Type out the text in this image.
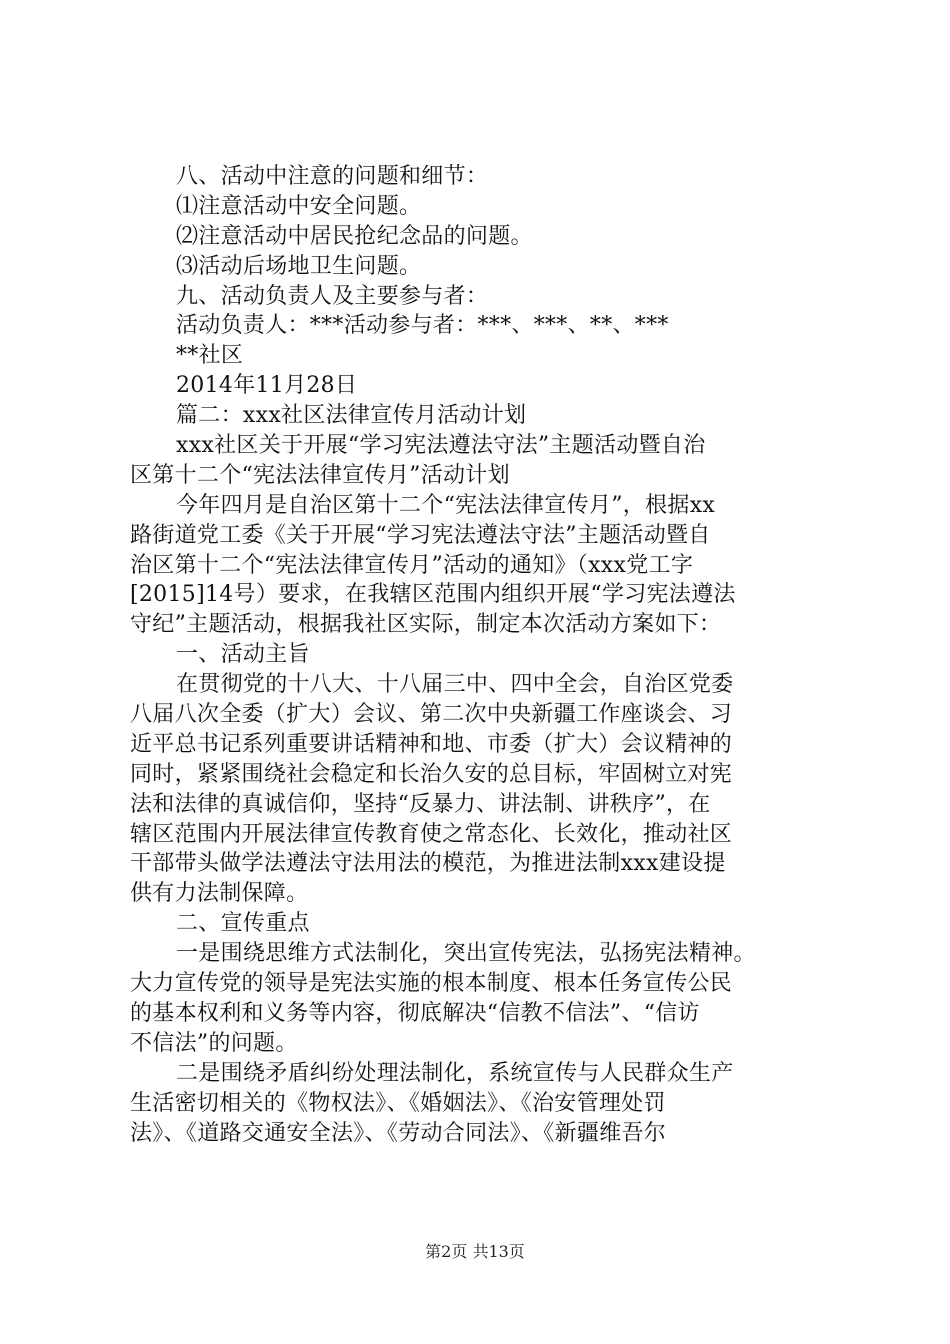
八、活动中注意的问题和细节：
⑴注意活动中安全问题。
⑵注意活动中居民抢纪念品的问题。
⑶活动后场地卫生问题。
九、活动负责人及主要参与者：
活动负责人：***活动参与者：***、***、**、***
**社区
2014年11月28日
篇二：xxx社区法律宣传月活动计划
xxx社区关于开展“学习宪法遵法守法”主题活动暨自治
区第十二个“宪法法律宣传月”活动计划
今年四月是自治区第十二个“宪法法律宣传月”，根据xx
路街道党工委《关于开展“学习宪法遵法守法”主题活动暨自
治区第十二个“宪法法律宣传月”活动的通知》（xxx党工字
[2015]14号）要求，在我辖区范围内组织开展“学习宪法遵法
守纪”主题活动，根据我社区实际，制定本次活动方案如下：
一、活动主旨
在贯彻党的十八大、十八届三中、四中全会，自治区党委
八届八次全委（扩大）会议、第二次中央新疆工作座谈会、习
近平总书记系列重要讲话精神和地、市委（扩大）会议精神的
同时，紧紧围绕社会稳定和长治久安的总目标，牢固树立对宪
法和法律的真诚信仰，坚持“反暴力、讲法制、讲秩序”，在
辖区范围内开展法律宣传教育使之常态化、长效化，推动社区
干部带头做学法遵法守法用法的模范，为推进法制xxx建设提
供有力法制保障。
二、宣传重点
一是围绕思维方式法制化，突出宣传宪法，弘扬宪法精神。
大力宣传党的领导是宪法实施的根本制度、根本任务宣传公民
的基本权利和义务等内容，彻底解决“信教不信法”、“信访
不信法”的问题。
二是围绕矛盾纠纷处理法制化，系统宣传与人民群众生产
生活密切相关的《物权法》、《婚姻法》、《治安管理处罚
法》、《道路交通安全法》、《劳动合同法》、《新疆维吾尔
第2页 共13页
